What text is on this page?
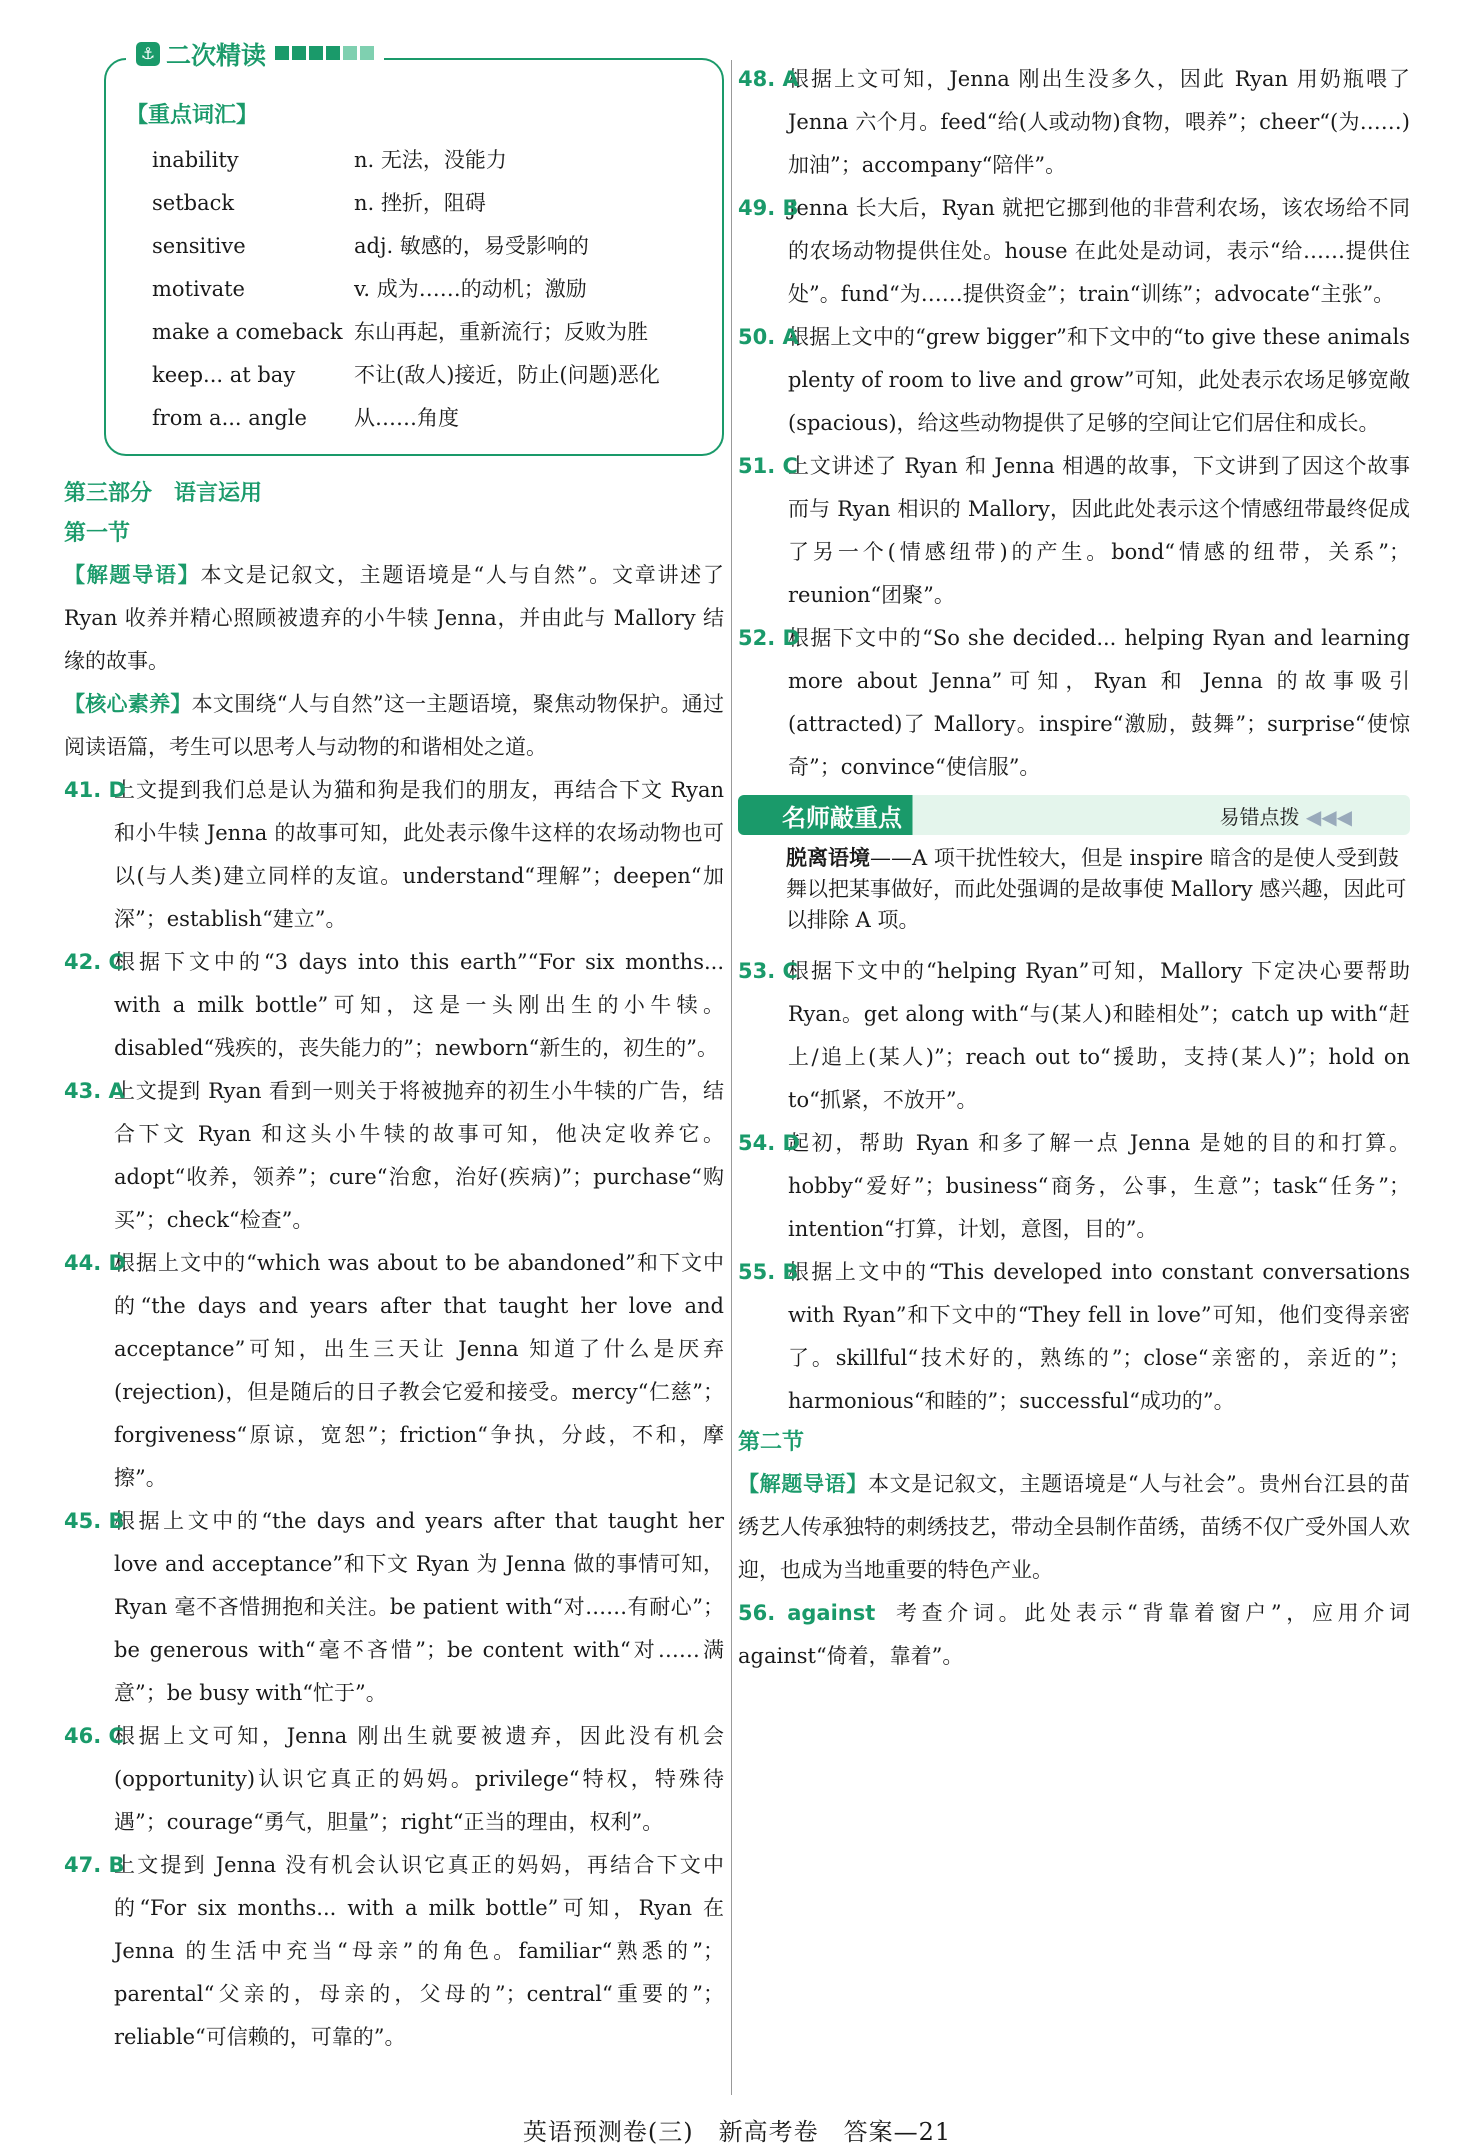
⚓ 二次精读
【重点词汇】
inability	n. 无法，没能力
setback	n. 挫折，阻碍
sensitive	adj. 敏感的，易受影响的
motivate	v. 成为……的动机；激励
make a comeback 东山再起，重新流行；反败为胜
keep... at bay	不让(敌人)接近，防止(问题)恶化
from a... angle	从……角度
第三部分　语言运用
第一节

【解题导语】本文是记叙文，主题语境是“人与自然”。文章讲述了 Ryan 收养并精心照顾被遗弃的小牛犊 Jenna，并由此与 Mallory 结缘的故事。

【核心素养】本文围绕“人与自然”这一主题语境，聚焦动物保护。通过阅读语篇，考生可以思考人与动物的和谐相处之道。

41. D
上文提到我们总是认为猫和狗是我们的朋友，再结合下文 Ryan 和小牛犊 Jenna 的故事可知，此处表示像牛这样的农场动物也可以(与人类)建立同样的友谊。understand“理解”；deepen“加深”；establish“建立”。
42. C
根据下文中的“3 days into this earth”“For six months... with a milk bottle”可知，这是一头刚出生的小牛犊。disabled“残疾的，丧失能力的”；newborn“新生的，初生的”。
43. A
上文提到 Ryan 看到一则关于将被抛弃的初生小牛犊的广告，结合下文 Ryan 和这头小牛犊的故事可知，他决定收养它。adopt“收养，领养”；cure“治愈，治好(疾病)”；purchase“购买”；check“检查”。
44. D
根据上文中的“which was about to be abandoned”和下文中的“the days and years after that taught her love and acceptance”可知，出生三天让 Jenna 知道了什么是厌弃(rejection)，但是随后的日子教会它爱和接受。mercy“仁慈”；forgiveness“原谅，宽恕”；friction“争执，分歧，不和，摩擦”。
45. B
根据上文中的“the days and years after that taught her love and acceptance”和下文 Ryan 为 Jenna 做的事情可知，Ryan 毫不吝惜拥抱和关注。be patient with“对……有耐心”；be generous with“毫不吝惜”；be content with“对……满意”；be busy with“忙于”。
46. C
根据上文可知，Jenna 刚出生就要被遗弃，因此没有机会(opportunity)认识它真正的妈妈。privilege“特权，特殊待遇”；courage“勇气，胆量”；right“正当的理由，权利”。
47. B
上文提到 Jenna 没有机会认识它真正的妈妈，再结合下文中的“For six months... with a milk bottle”可知，Ryan 在 Jenna 的生活中充当“母亲”的角色。familiar“熟悉的”；parental“父亲的，母亲的，父母的”；central“重要的”；reliable“可信赖的，可靠的”。
48. A
根据上文可知，Jenna 刚出生没多久，因此 Ryan 用奶瓶喂了 Jenna 六个月。feed“给(人或动物)食物，喂养”；cheer“(为……)加油”；accompany“陪伴”。
49. B
Jenna 长大后，Ryan 就把它挪到他的非营利农场，该农场给不同的农场动物提供住处。house 在此处是动词，表示“给……提供住处”。fund“为……提供资金”；train“训练”；advocate“主张”。
50. A
根据上文中的“grew bigger”和下文中的“to give these animals plenty of room to live and grow”可知，此处表示农场足够宽敞(spacious)，给这些动物提供了足够的空间让它们居住和成长。
51. C
上文讲述了 Ryan 和 Jenna 相遇的故事，下文讲到了因这个故事而与 Ryan 相识的 Mallory，因此此处表示这个情感纽带最终促成了另一个(情感纽带)的产生。bond“情感的纽带，关系”；reunion“团聚”。
52. D
根据下文中的“So she decided... helping Ryan and learning more about Jenna”可知，Ryan 和 Jenna 的故事吸引(attracted)了 Mallory。inspire“激励，鼓舞”；surprise“使惊奇”；convince“使信服”。
名师敲重点	易错点拨 ◀◀◀
脱离语境——A 项干扰性较大，但是 inspire 暗含的是使人受到鼓舞以把某事做好，而此处强调的是故事使 Mallory 感兴趣，因此可以排除 A 项。
53. C
根据下文中的“helping Ryan”可知，Mallory 下定决心要帮助 Ryan。get along with“与(某人)和睦相处”；catch up with“赶上/追上(某人)”；reach out to“援助，支持(某人)”；hold on to“抓紧，不放开”。
54. D
起初，帮助 Ryan 和多了解一点 Jenna 是她的目的和打算。hobby“爱好”；business“商务，公事，生意”；task“任务”；intention“打算，计划，意图，目的”。
55. B
根据上文中的“This developed into constant conversations with Ryan”和下文中的“They fell in love”可知，他们变得亲密了。skillful“技术好的，熟练的”；close“亲密的，亲近的”；harmonious“和睦的”；successful“成功的”。
第二节

【解题导语】本文是记叙文，主题语境是“人与社会”。贵州台江县的苗绣艺人传承独特的刺绣技艺，带动全县制作苗绣，苗绣不仅广受外国人欢迎，也成为当地重要的特色产业。

56. against 考查介词。此处表示“背靠着窗户”，应用介词 against“倚着，靠着”。
英语预测卷(三)　新高考卷　答案—21
